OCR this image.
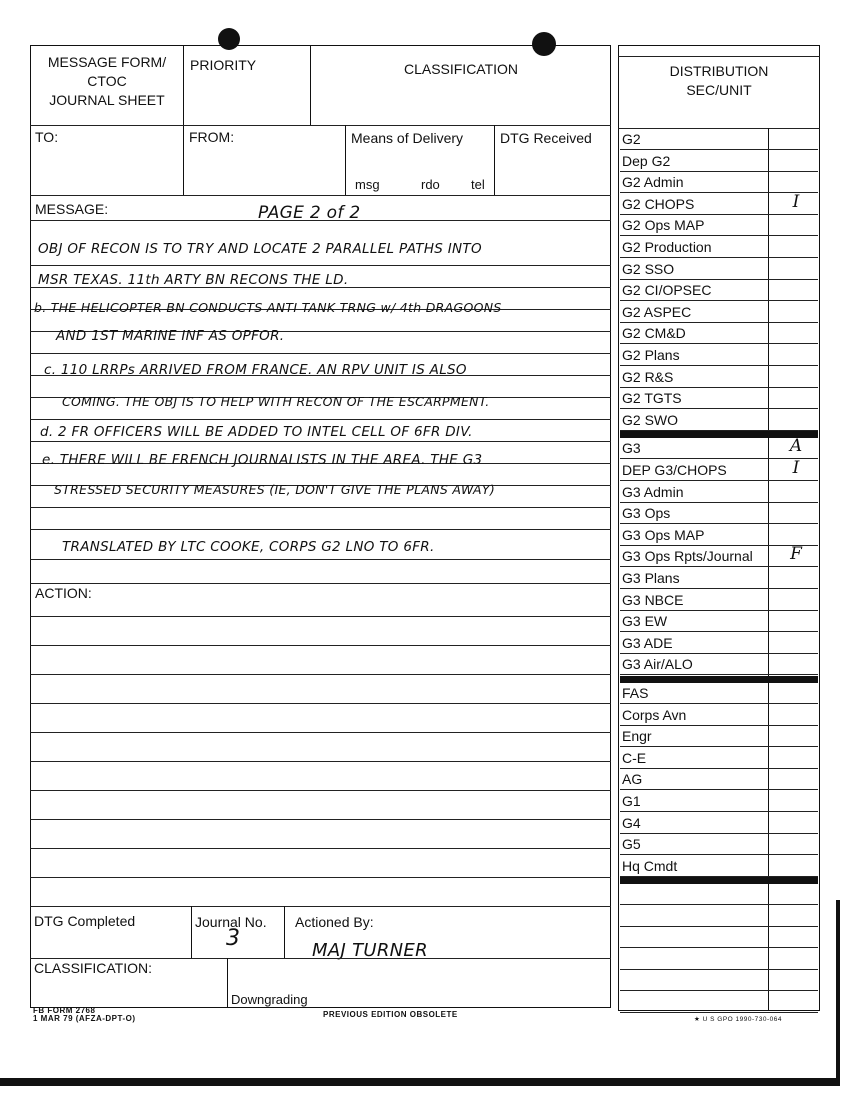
MESSAGE FORM/
CTOC
JOURNAL SHEET
PRIORITY	CLASSIFICATION
TO:	FROM:	Means of Delivery	DTG Received
msg	rdo tel
MESSAGE:	PAGE 2 of 2
OBJ OF RECON IS TO TRY AND LOCATE 2 PARALLEL PATHS INTO
MSR TEXAS. 11th ARTY BN RECONS THE LD.
b. THE HELICOPTER BN CONDUCTS ANTI TANK TRNG w/ 4th DRAGOONS
AND 1ST MARINE INF AS OPFOR.
c. 110 LRRPs ARRIVED FROM FRANCE. AN RPV UNIT IS ALSO
COMING. THE OBJ IS TO HELP WITH RECON OF THE ESCARPMENT.
d. 2 FR OFFICERS WILL BE ADDED TO INTEL CELL OF 6FR DIV.
e. THERE WILL BE FRENCH JOURNALISTS IN THE AREA. THE G3
STRESSED SECURITY MEASURES (IE, DON'T GIVE THE PLANS AWAY)
TRANSLATED BY LTC COOKE, CORPS G2 LNO TO 6FR.
ACTION:
DTG Completed	Journal No.
3
Actioned By:
MAJ TURNER
CLASSIFICATION:
Downgrading
FB FORM 2768
1 MAR 79 (AFZA-DPT-O)	PREVIOUS EDITION OBSOLETE
★ U S GPO 1990-730-064
DISTRIBUTION
SEC/UNIT
G2
Dep G2
G2 Admin
G2 CHOPS	I
G2 Ops MAP
G2 Production
G2 SSO
G2 CI/OPSEC
G2 ASPEC
G2 CM&D
G2 Plans
G2 R&S
G2 TGTS
G2 SWO
G3	A
DEP G3/CHOPS	I
G3 Admin
G3 Ops
G3 Ops MAP
G3 Ops Rpts/Journal	F
G3 Plans
G3 NBCE
G3 EW
G3 ADE
G3 Air/ALO
FAS
Corps Avn
Engr
C-E
AG
G1
G4
G5
Hq Cmdt
